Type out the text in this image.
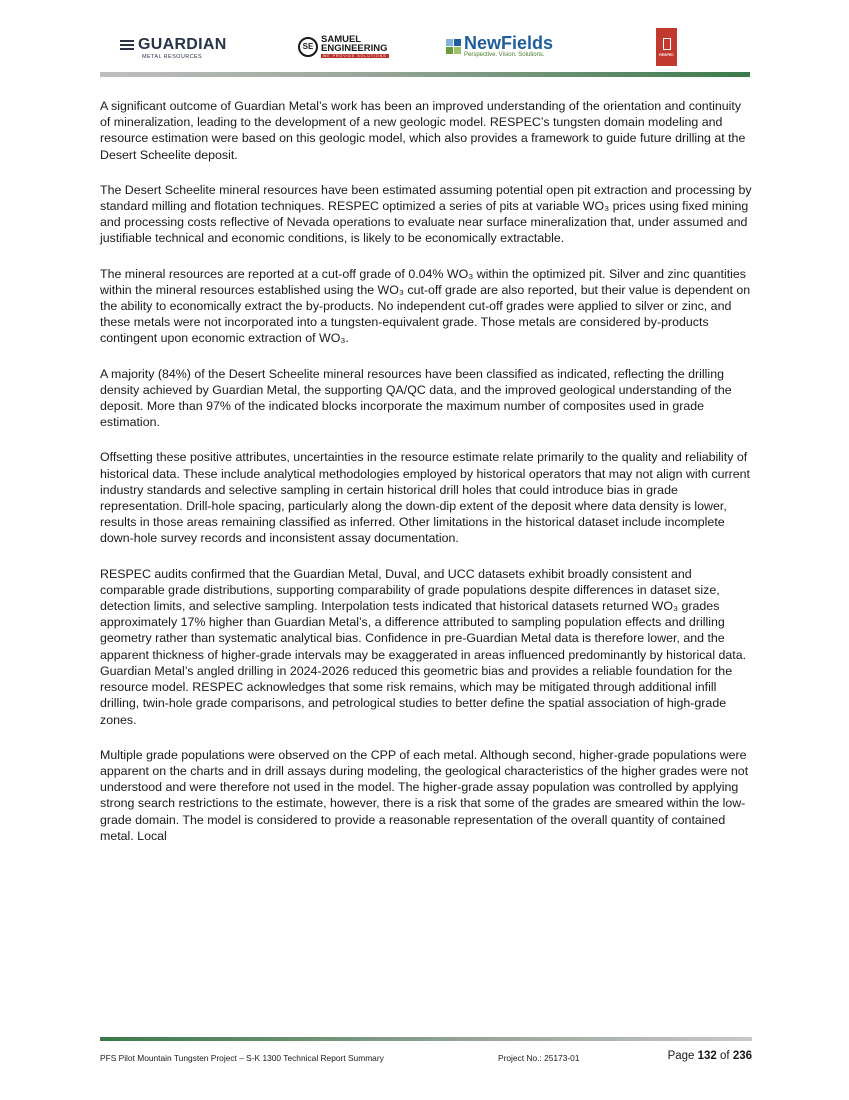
GUARDIAN
METAL RESOURCES
SE
SAMUEL
ENGINEERING
WE PROVIDE SOLUTIONS
NewFields
Perspective. Vision. Solutions.	RESPEC

A significant outcome of Guardian Metal’s work has been an improved understanding of the orientation and continuity of mineralization, leading to the development of a new geologic model. RESPEC’s tungsten domain modeling and resource estimation were based on this geologic model, which also provides a framework to guide future drilling at the Desert Scheelite deposit.

The Desert Scheelite mineral resources have been estimated assuming potential open pit extraction and processing by standard milling and flotation techniques. RESPEC optimized a series of pits at variable WO₃ prices using fixed mining and processing costs reflective of Nevada operations to evaluate near surface mineralization that, under assumed and justifiable technical and economic conditions, is likely to be economically extractable.

The mineral resources are reported at a cut-off grade of 0.04% WO₃ within the optimized pit. Silver and zinc quantities within the mineral resources established using the WO₃ cut-off grade are also reported, but their value is dependent on the ability to economically extract the by-products. No independent cut-off grades were applied to silver or zinc, and these metals were not incorporated into a tungsten-equivalent grade. Those metals are considered by-products contingent upon economic extraction of WO₃.

A majority (84%) of the Desert Scheelite mineral resources have been classified as indicated, reflecting the drilling density achieved by Guardian Metal, the supporting QA/QC data, and the improved geological understanding of the deposit. More than 97% of the indicated blocks incorporate the maximum number of composites used in grade estimation.

Offsetting these positive attributes, uncertainties in the resource estimate relate primarily to the quality and reliability of historical data. These include analytical methodologies employed by historical operators that may not align with current industry standards and selective sampling in certain historical drill holes that could introduce bias in grade representation. Drill-hole spacing, particularly along the down-dip extent of the deposit where data density is lower, results in those areas remaining classified as inferred. Other limitations in the historical dataset include incomplete down-hole survey records and inconsistent assay documentation.

RESPEC audits confirmed that the Guardian Metal, Duval, and UCC datasets exhibit broadly consistent and comparable grade distributions, supporting comparability of grade populations despite differences in dataset size, detection limits, and selective sampling. Interpolation tests indicated that historical datasets returned WO₃ grades approximately 17% higher than Guardian Metal’s, a difference attributed to sampling population effects and drilling geometry rather than systematic analytical bias. Confidence in pre-Guardian Metal data is therefore lower, and the apparent thickness of higher-grade intervals may be exaggerated in areas influenced predominantly by historical data. Guardian Metal’s angled drilling in 2024-2026 reduced this geometric bias and provides a reliable foundation for the resource model. RESPEC acknowledges that some risk remains, which may be mitigated through additional infill drilling, twin-hole grade comparisons, and petrological studies to better define the spatial association of high-grade zones.

Multiple grade populations were observed on the CPP of each metal. Although second, higher-grade populations were apparent on the charts and in drill assays during modeling, the geological characteristics of the higher grades were not understood and were therefore not used in the model. The higher-grade assay population was controlled by applying strong search restrictions to the estimate, however, there is a risk that some of the grades are smeared within the low-grade domain. The model is considered to provide a reasonable representation of the overall quantity of contained metal. Local

PFS Pilot Mountain Tungsten Project – S-K 1300 Technical Report Summary	Project No.: 25173-01	Page 132 of 236
